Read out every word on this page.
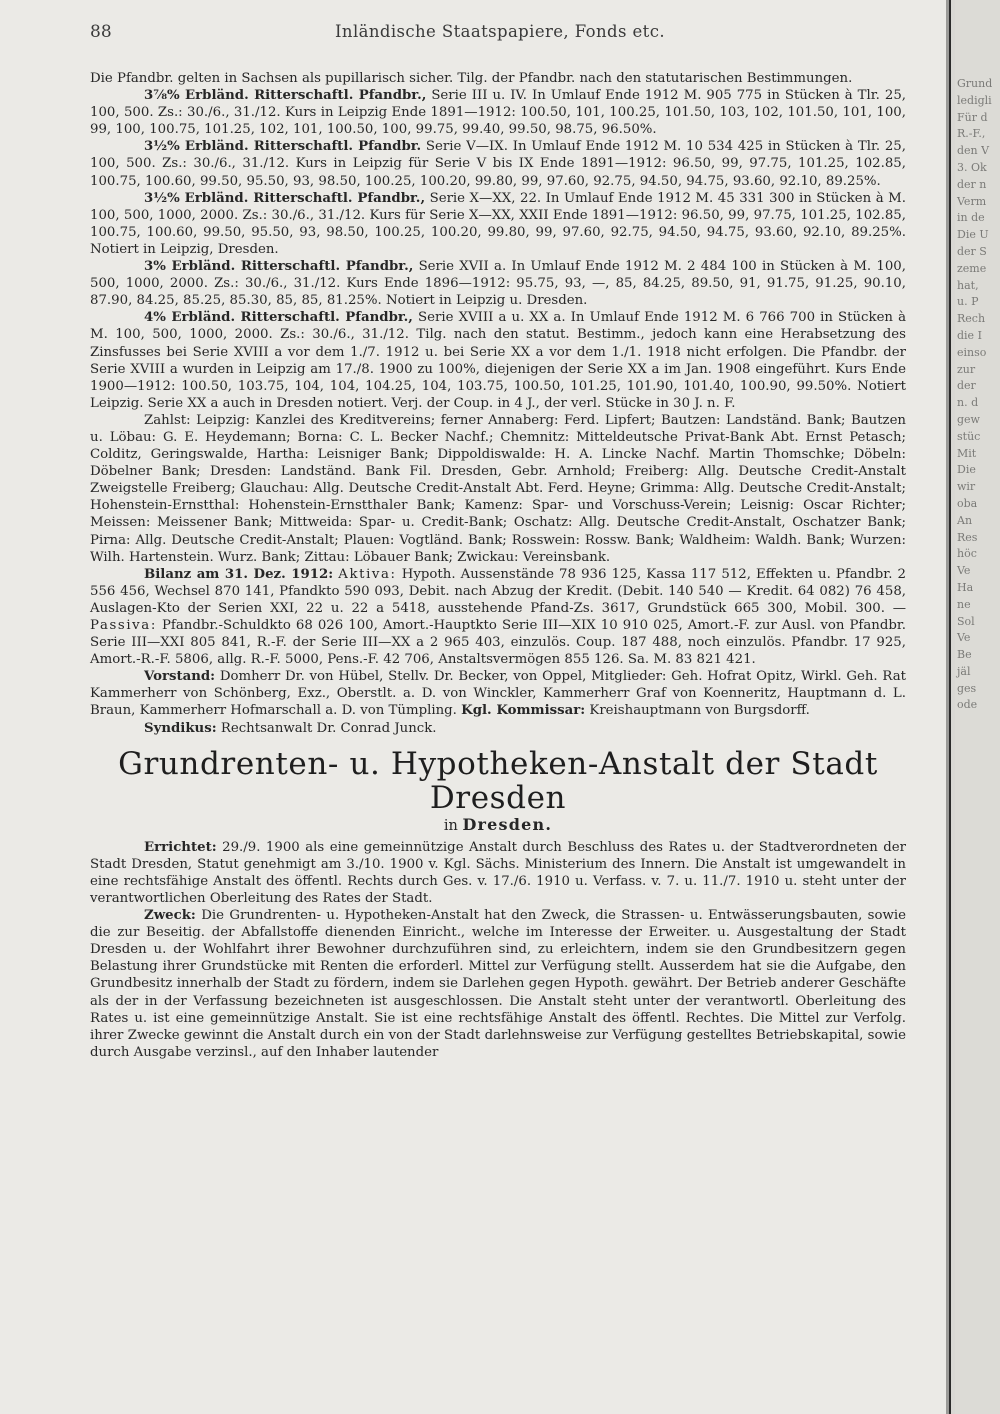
Grund
ledigli
Für d
R.-F.,
den V
3. Ok
der n
Verm
in de
Die U
der S
zeme
hat,
u. P
Rech
die I
einso
zur
der
n. d
gew
stüc
Mit
Die
wir
oba
An
Res
höc
Ve
Ha
ne
Sol
Ve
Be
jäl
ges
ode
88	Inländische Staatspapiere, Fonds etc.

Die Pfandbr. gelten in Sachsen als pupillarisch sicher. Tilg. der Pfandbr. nach den statutarischen Bestimmungen.

3⅞% Erbländ. Ritterschaftl. Pfandbr., Serie III u. IV. In Umlauf Ende 1912 M. 905 775 in Stücken à Tlr. 25, 100, 500. Zs.: 30./6., 31./12. Kurs in Leipzig Ende 1891—1912: 100.50, 101, 100.25, 101.50, 103, 102, 101.50, 101, 100, 99, 100, 100.75, 101.25, 102, 101, 100.50, 100, 99.75, 99.40, 99.50, 98.75, 96.50%.

3½% Erbländ. Ritterschaftl. Pfandbr. Serie V—IX. In Umlauf Ende 1912 M. 10 534 425 in Stücken à Tlr. 25, 100, 500. Zs.: 30./6., 31./12. Kurs in Leipzig für Serie V bis IX Ende 1891—1912: 96.50, 99, 97.75, 101.25, 102.85, 100.75, 100.60, 99.50, 95.50, 93, 98.50, 100.25, 100.20, 99.80, 99, 97.60, 92.75, 94.50, 94.75, 93.60, 92.10, 89.25%.

3½% Erbländ. Ritterschaftl. Pfandbr., Serie X—XX, 22. In Umlauf Ende 1912 M. 45 331 300 in Stücken à M. 100, 500, 1000, 2000. Zs.: 30./6., 31./12. Kurs für Serie X—XX, XXII Ende 1891—1912: 96.50, 99, 97.75, 101.25, 102.85, 100.75, 100.60, 99.50, 95.50, 93, 98.50, 100.25, 100.20, 99.80, 99, 97.60, 92.75, 94.50, 94.75, 93.60, 92.10, 89.25%. Notiert in Leipzig, Dresden.

3% Erbländ. Ritterschaftl. Pfandbr., Serie XVII a. In Umlauf Ende 1912 M. 2 484 100 in Stücken à M. 100, 500, 1000, 2000. Zs.: 30./6., 31./12. Kurs Ende 1896—1912: 95.75, 93, —, 85, 84.25, 89.50, 91, 91.75, 91.25, 90.10, 87.90, 84.25, 85.25, 85.30, 85, 85, 81.25%. Notiert in Leipzig u. Dresden.

4% Erbländ. Ritterschaftl. Pfandbr., Serie XVIII a u. XX a. In Umlauf Ende 1912 M. 6 766 700 in Stücken à M. 100, 500, 1000, 2000. Zs.: 30./6., 31./12. Tilg. nach den statut. Bestimm., jedoch kann eine Herabsetzung des Zinsfusses bei Serie XVIII a vor dem 1./7. 1912 u. bei Serie XX a vor dem 1./1. 1918 nicht erfolgen. Die Pfandbr. der Serie XVIII a wurden in Leipzig am 17./8. 1900 zu 100%, diejenigen der Serie XX a im Jan. 1908 eingeführt. Kurs Ende 1900—1912: 100.50, 103.75, 104, 104, 104.25, 104, 103.75, 100.50, 101.25, 101.90, 101.40, 100.90, 99.50%. Notiert Leipzig. Serie XX a auch in Dresden notiert. Verj. der Coup. in 4 J., der verl. Stücke in 30 J. n. F.

Zahlst: Leipzig: Kanzlei des Kreditvereins; ferner Annaberg: Ferd. Lipfert; Bautzen: Landständ. Bank; Bautzen u. Löbau: G. E. Heydemann; Borna: C. L. Becker Nachf.; Chemnitz: Mitteldeutsche Privat-Bank Abt. Ernst Petasch; Colditz, Geringswalde, Hartha: Leisniger Bank; Dippoldiswalde: H. A. Lincke Nachf. Martin Thomschke; Döbeln: Döbelner Bank; Dresden: Landständ. Bank Fil. Dresden, Gebr. Arnhold; Freiberg: Allg. Deutsche Credit-Anstalt Zweigstelle Freiberg; Glauchau: Allg. Deutsche Credit-Anstalt Abt. Ferd. Heyne; Grimma: Allg. Deutsche Credit-Anstalt; Hohenstein-Ernstthal: Hohenstein-Ernstthaler Bank; Kamenz: Spar- und Vorschuss-Verein; Leisnig: Oscar Richter; Meissen: Meissener Bank; Mittweida: Spar- u. Credit-Bank; Oschatz: Allg. Deutsche Credit-Anstalt, Oschatzer Bank; Pirna: Allg. Deutsche Credit-Anstalt; Plauen: Vogtländ. Bank; Rosswein: Rossw. Bank; Waldheim: Waldh. Bank; Wurzen: Wilh. Hartenstein. Wurz. Bank; Zittau: Löbauer Bank; Zwickau: Vereinsbank.

Bilanz am 31. Dez. 1912: Aktiva: Hypoth. Aussenstände 78 936 125, Kassa 117 512, Effekten u. Pfandbr. 2 556 456, Wechsel 870 141, Pfandkto 590 093, Debit. nach Abzug der Kredit. (Debit. 140 540 — Kredit. 64 082) 76 458, Auslagen-Kto der Serien XXI, 22 u. 22 a 5418, ausstehende Pfand-Zs. 3617, Grundstück 665 300, Mobil. 300. — Passiva: Pfandbr.-Schuldkto 68 026 100, Amort.-Hauptkto Serie III—XIX 10 910 025, Amort.-F. zur Ausl. von Pfandbr. Serie III—XXI 805 841, R.-F. der Serie III—XX a 2 965 403, einzulös. Coup. 187 488, noch einzulös. Pfandbr. 17 925, Amort.-R.-F. 5806, allg. R.-F. 5000, Pens.-F. 42 706, Anstaltsvermögen 855 126. Sa. M. 83 821 421.

Vorstand: Domherr Dr. von Hübel, Stellv. Dr. Becker, von Oppel, Mitglieder: Geh. Hofrat Opitz, Wirkl. Geh. Rat Kammerherr von Schönberg, Exz., Oberstlt. a. D. von Winckler, Kammerherr Graf von Koenneritz, Hauptmann d. L. Braun, Kammerherr Hofmarschall a. D. von Tümpling. Kgl. Kommissar: Kreishauptmann von Burgsdorff.

Syndikus: Rechtsanwalt Dr. Conrad Junck.

Grundrenten- u. Hypotheken-Anstalt der Stadt Dresden
in Dresden.

Errichtet: 29./9. 1900 als eine gemeinnützige Anstalt durch Beschluss des Rates u. der Stadtverordneten der Stadt Dresden, Statut genehmigt am 3./10. 1900 v. Kgl. Sächs. Ministerium des Innern. Die Anstalt ist umgewandelt in eine rechtsfähige Anstalt des öffentl. Rechts durch Ges. v. 17./6. 1910 u. Verfass. v. 7. u. 11./7. 1910 u. steht unter der verantwortlichen Oberleitung des Rates der Stadt.

Zweck: Die Grundrenten- u. Hypotheken-Anstalt hat den Zweck, die Strassen- u. Entwässerungsbauten, sowie die zur Beseitig. der Abfallstoffe dienenden Einricht., welche im Interesse der Erweiter. u. Ausgestaltung der Stadt Dresden u. der Wohlfahrt ihrer Bewohner durchzuführen sind, zu erleichtern, indem sie den Grundbesitzern gegen Belastung ihrer Grundstücke mit Renten die erforderl. Mittel zur Verfügung stellt. Ausserdem hat sie die Aufgabe, den Grundbesitz innerhalb der Stadt zu fördern, indem sie Darlehen gegen Hypoth. gewährt. Der Betrieb anderer Geschäfte als der in der Verfassung bezeichneten ist ausgeschlossen. Die Anstalt steht unter der verantwortl. Oberleitung des Rates u. ist eine gemeinnützige Anstalt. Sie ist eine rechtsfähige Anstalt des öffentl. Rechtes. Die Mittel zur Verfolg. ihrer Zwecke gewinnt die Anstalt durch ein von der Stadt darlehnsweise zur Verfügung gestelltes Betriebskapital, sowie durch Ausgabe verzinsl., auf den Inhaber lautender
